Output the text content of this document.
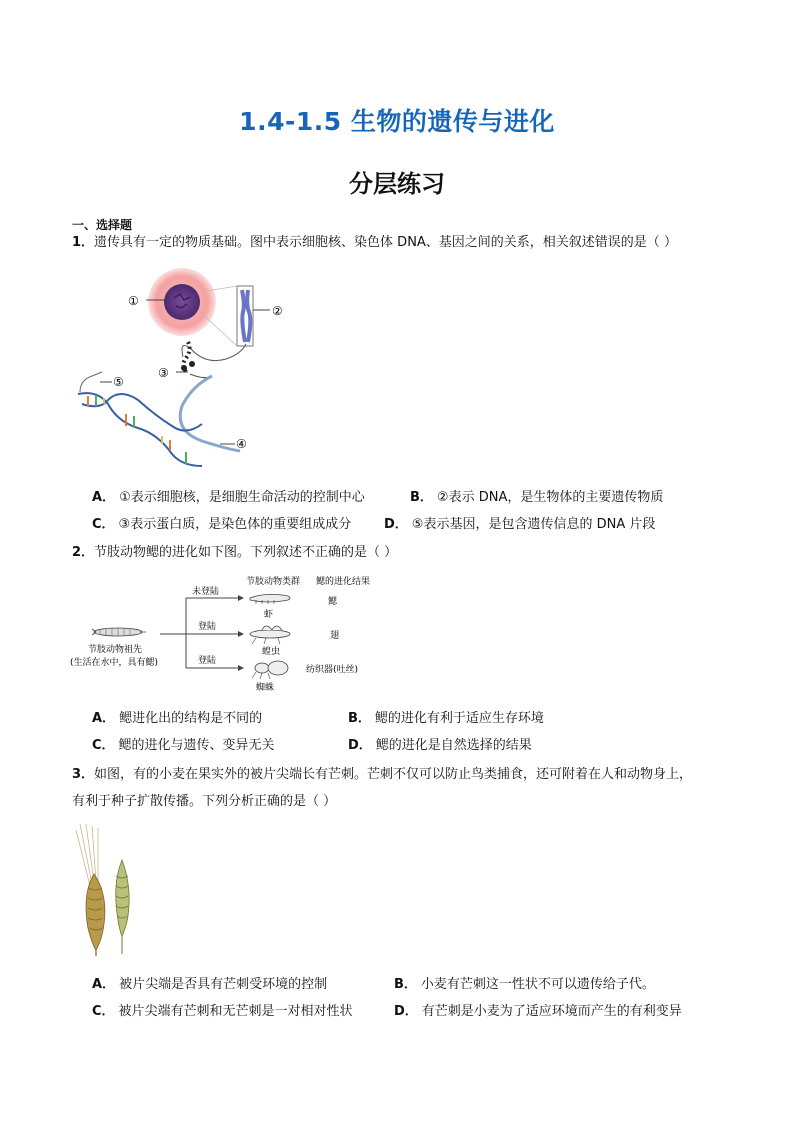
1.4-1.5 生物的遗传与进化
分层练习
一、选择题
1．遗传具有一定的物质基础。图中表示细胞核、染色体 DNA、基因之间的关系，相关叙述错误的是（ ）
①
②
③
④
⑤
A． ①表示细胞核，是细胞生命活动的控制中心	B． ②表示 DNA，是生物体的主要遗传物质
C． ③表示蛋白质，是染色体的重要组成成分	D． ⑤表示基因，是包含遗传信息的 DNA 片段
2．节肢动物鳃的进化如下图。下列叙述不正确的是（ ）
节肢动物类群 鳃的进化结果
节肢动物祖先
(生活在水中，具有鳃)
未登陆
登陆
登陆
虾
蝗虫
蜘蛛
鳃
翅
纺织器(吐丝)
A． 鳃进化出的结构是不同的	B． 鳃的进化有利于适应生存环境
C． 鳃的进化与遗传、变异无关	D． 鳃的进化是自然选择的结果
3．如图，有的小麦在果实外的被片尖端长有芒刺。芒刺不仅可以防止鸟类捕食，还可附着在人和动物身上，
有利于种子扩散传播。下列分析正确的是（ ）
A． 被片尖端是否具有芒刺受环境的控制	B． 小麦有芒刺这一性状不可以遗传给子代。
C． 被片尖端有芒刺和无芒刺是一对相对性状	D． 有芒刺是小麦为了适应环境而产生的有利变异
